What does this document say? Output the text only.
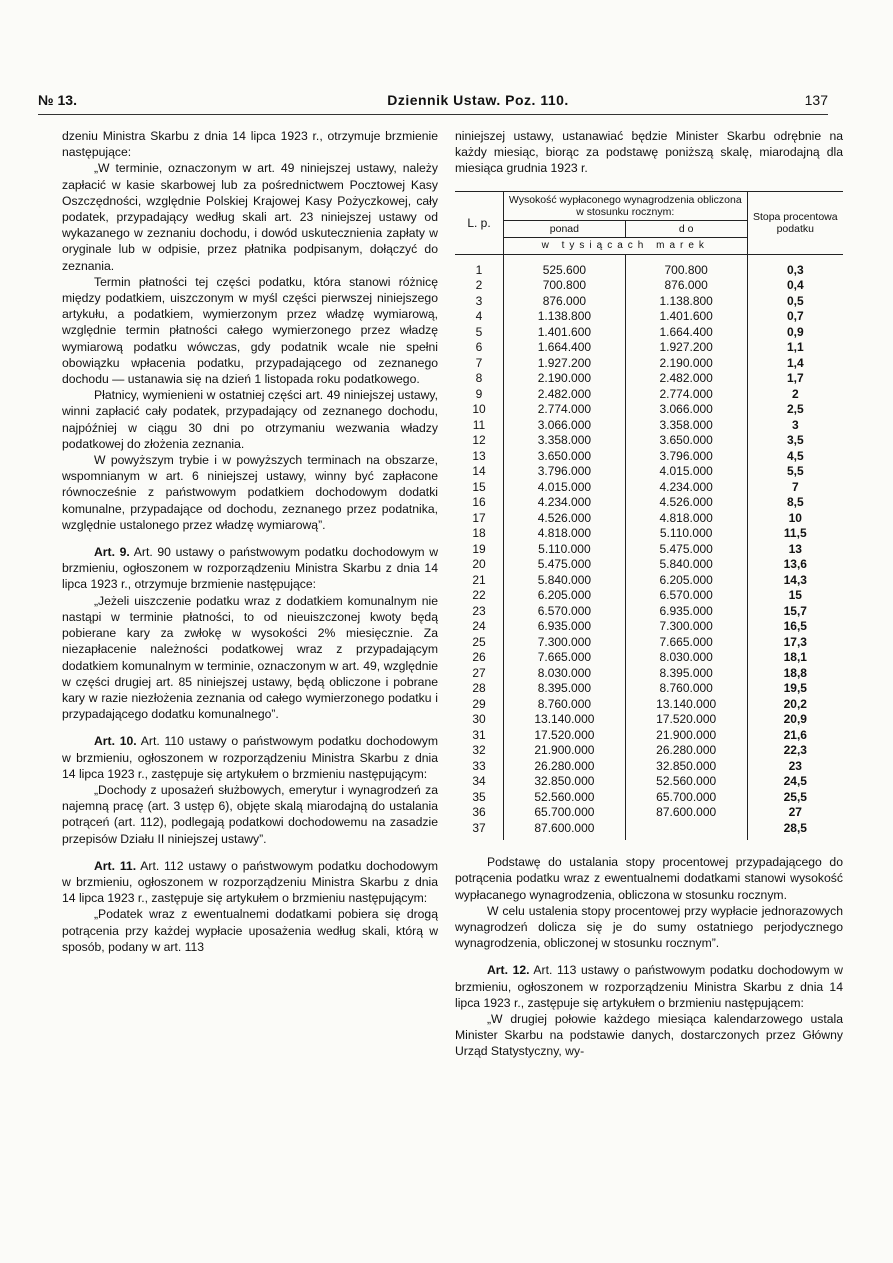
№ 13.	Dziennik Ustaw. Poz. 110.	137

dzeniu Ministra Skarbu z dnia 14 lipca 1923 r., otrzymuje brzmienie następujące:

„W terminie, oznaczonym w art. 49 niniejszej ustawy, należy zapłacić w kasie skarbowej lub za pośrednictwem Pocztowej Kasy Oszczędności, względnie Polskiej Krajowej Kasy Pożyczkowej, cały podatek, przypadający według skali art. 23 niniejszej ustawy od wykazanego w zeznaniu dochodu, i dowód uskutecznienia zapłaty w oryginale lub w odpisie, przez płatnika podpisanym, dołączyć do zeznania.

Termin płatności tej części podatku, która stanowi różnicę między podatkiem, uiszczonym w myśl części pierwszej niniejszego artykułu, a podatkiem, wymierzonym przez władzę wymiarową, względnie termin płatności całego wymierzonego przez władzę wymiarową podatku wówczas, gdy podatnik wcale nie spełni obowiązku wpłacenia podatku, przypadającego od zeznanego dochodu — ustanawia się na dzień 1 listopada roku podatkowego.

Płatnicy, wymienieni w ostatniej części art. 49 niniejszej ustawy, winni zapłacić cały podatek, przypadający od zeznanego dochodu, najpóźniej w ciągu 30 dni po otrzymaniu wezwania władzy podatkowej do złożenia zeznania.

W powyższym trybie i w powyższych terminach na obszarze, wspomnianym w art. 6 niniejszej ustawy, winny być zapłacone równocześnie z państwowym podatkiem dochodowym dodatki komunalne, przypadające od dochodu, zeznanego przez podatnika, względnie ustalonego przez władzę wymiarową”.

Art. 9. Art. 90 ustawy o państwowym podatku dochodowym w brzmieniu, ogłoszonem w rozporządzeniu Ministra Skarbu z dnia 14 lipca 1923 r., otrzymuje brzmienie następujące:

„Jeżeli uiszczenie podatku wraz z dodatkiem komunalnym nie nastąpi w terminie płatności, to od nieuiszczonej kwoty będą pobierane kary za zwłokę w wysokości 2% miesięcznie. Za niezapłacenie należności podatkowej wraz z przypadającym dodatkiem komunalnym w terminie, oznaczonym w art. 49, względnie w części drugiej art. 85 niniejszej ustawy, będą obliczone i pobrane kary w razie niezłożenia zeznania od całego wymierzonego podatku i przypadającego dodatku komunalnego”.

Art. 10. Art. 110 ustawy o państwowym podatku dochodowym w brzmieniu, ogłoszonem w rozporządzeniu Ministra Skarbu z dnia 14 lipca 1923 r., zastępuje się artykułem o brzmieniu następującym:

„Dochody z uposażeń służbowych, emerytur i wynagrodzeń za najemną pracę (art. 3 ustęp 6), objęte skalą miarodajną do ustalania potrąceń (art. 112), podlegają podatkowi dochodowemu na zasadzie przepisów Działu II niniejszej ustawy”.

Art. 11. Art. 112 ustawy o państwowym podatku dochodowym w brzmieniu, ogłoszonem w rozporządzeniu Ministra Skarbu z dnia 14 lipca 1923 r., zastępuje się artykułem o brzmieniu następującym:

„Podatek wraz z ewentualnemi dodatkami pobiera się drogą potrącenia przy każdej wypłacie uposażenia według skali, którą w sposób, podany w art. 113

niniejszej ustawy, ustanawiać będzie Minister Skarbu odrębnie na każdy miesiąc, biorąc za podstawę poniższą skalę, miarodajną dla miesiąca grudnia 1923 r.

L. p.	Wysokość wypłaconego wynagrodzenia obliczona w stosunku rocznym:		Stopa procentowa podatku
	ponad	d o	
	w tysiącach marek		
1	525.600	700.800	0,3
2	700.800	876.000	0,4
3	876.000	1.138.800	0,5
4	1.138.800	1.401.600	0,7
5	1.401.600	1.664.400	0,9
6	1.664.400	1.927.200	1,1
7	1.927.200	2.190.000	1,4
8	2.190.000	2.482.000	1,7
9	2.482.000	2.774.000	2
10	2.774.000	3.066.000	2,5
11	3.066.000	3.358.000	3
12	3.358.000	3.650.000	3,5
13	3.650.000	3.796.000	4,5
14	3.796.000	4.015.000	5,5
15	4.015.000	4.234.000	7
16	4.234.000	4.526.000	8,5
17	4.526.000	4.818.000	10
18	4.818.000	5.110.000	11,5
19	5.110.000	5.475.000	13
20	5.475.000	5.840.000	13,6
21	5.840.000	6.205.000	14,3
22	6.205.000	6.570.000	15
23	6.570.000	6.935.000	15,7
24	6.935.000	7.300.000	16,5
25	7.300.000	7.665.000	17,3
26	7.665.000	8.030.000	18,1
27	8.030.000	8.395.000	18,8
28	8.395.000	8.760.000	19,5
29	8.760.000	13.140.000	20,2
30	13.140.000	17.520.000	20,9
31	17.520.000	21.900.000	21,6
32	21.900.000	26.280.000	22,3
33	26.280.000	32.850.000	23
34	32.850.000	52.560.000	24,5
35	52.560.000	65.700.000	25,5
36	65.700.000	87.600.000	27
37	87.600.000		28,5

Podstawę do ustalania stopy procentowej przypadającego do potrącenia podatku wraz z ewentualnemi dodatkami stanowi wysokość wypłacanego wynagrodzenia, obliczona w stosunku rocznym.

W celu ustalenia stopy procentowej przy wypłacie jednorazowych wynagrodzeń dolicza się je do sumy ostatniego perjodycznego wynagrodzenia, obliczonej w stosunku rocznym”.

Art. 12. Art. 113 ustawy o państwowym podatku dochodowym w brzmieniu, ogłoszonem w rozporządzeniu Ministra Skarbu z dnia 14 lipca 1923 r., zastępuje się artykułem o brzmieniu następującem:

„W drugiej połowie każdego miesiąca kalendarzowego ustala Minister Skarbu na podstawie danych, dostarczonych przez Główny Urząd Statystyczny, wy-
